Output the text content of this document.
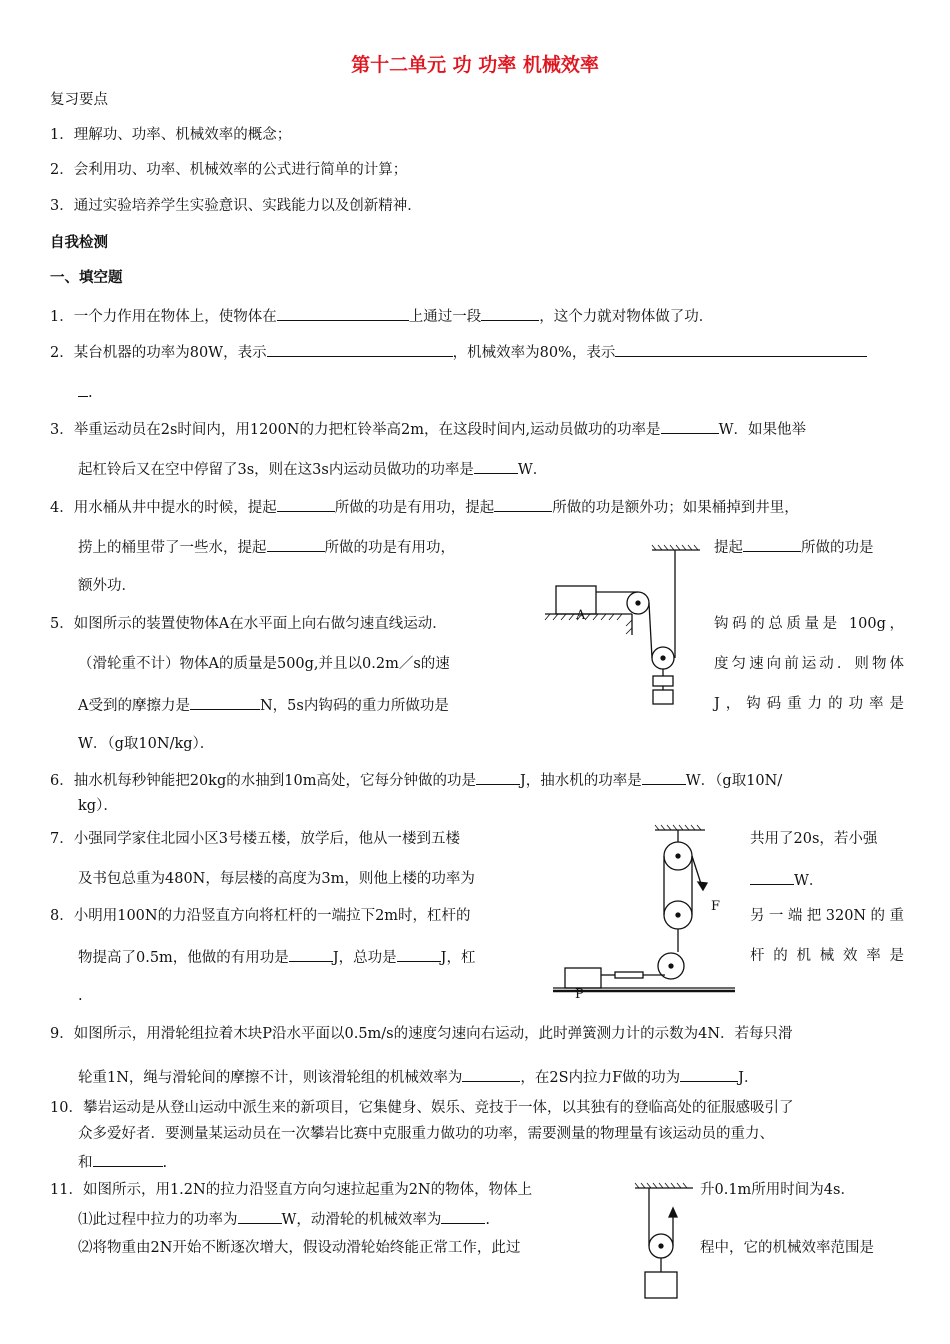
第十二单元 功 功率 机械效率
复习要点
1．理解功、功率、机械效率的概念；
2．会利用功、功率、机械效率的公式进行简单的计算；
3．通过实验培养学生实验意识、实践能力以及创新精神．
自我检测
一、填空题
1．一个力作用在物体上，使物体在	上通过一段	，这个力就对物体做了功．
2．某台机器的功率为80W，表示	，机械效率为80%，表示
.
3．举重运动员在2s时间内，用1200N的力把杠铃举高2m，在这段时间内,运动员做功的功率是	W．如果他举
起杠铃后又在空中停留了3s，则在这3s内运动员做功的功率是	W．
4．用水桶从井中提水的时候，提起	所做的功是有用功，提起	所做的功是额外功；如果桶掉到井里，
捞上的桶里带了一些水，提起	所做的功是有用功，	提起	所做的功是
额外功．
5．如图所示的装置使物体A在水平面上向右做匀速直线运动．	钩码的总质量是 100g，
（滑轮重不计）物体A的质量是500g,并且以0.2m／s的速	度匀速向前运动．则物体
A受到的摩擦力是	N，5s内钩码的重力所做功是	J，钩码重力的功率是
W．（g取10N/kg）．
6．抽水机每秒钟能把20kg的水抽到10m高处，它每分钟做的功是	J，抽水机的功率是	W．（g取10N/
kg）．
7．小强同学家住北园小区3号楼五楼，放学后，他从一楼到五楼	共用了20s，若小强
及书包总重为480N，每层楼的高度为3m，则他上楼的功率为	W．
8．小明用100N的力沿竖直方向将杠杆的一端拉下2m时，杠杆的	另一端把320N的重
物提高了0.5m，他做的有用功是	J，总功是	J，杠	杆的机械效率是
.
9．如图所示，用滑轮组拉着木块P沿水平面以0.5m/s的速度匀速向右运动，此时弹簧测力计的示数为4N．若每只滑
轮重1N，绳与滑轮间的摩擦不计，则该滑轮组的机械效率为	，在2S内拉力F做的功为	J．
10．攀岩运动是从登山运动中派生来的新项目，它集健身、娱乐、竞技于一体，以其独有的登临高处的征服感吸引了
众多爱好者．要测量某运动员在一次攀岩比赛中克服重力做功的功率，需要测量的物理量有该运动员的重力、
和	.
11．如图所示，用1.2N的拉力沿竖直方向匀速拉起重为2N的物体，物体上	升0.1m所用时间为4s．
⑴此过程中拉力的功率为	W，动滑轮的机械效率为	.
⑵将物重由2N开始不断逐次增大，假设动滑轮始终能正常工作，此过	程中，它的机械效率范围是
A
F
P
